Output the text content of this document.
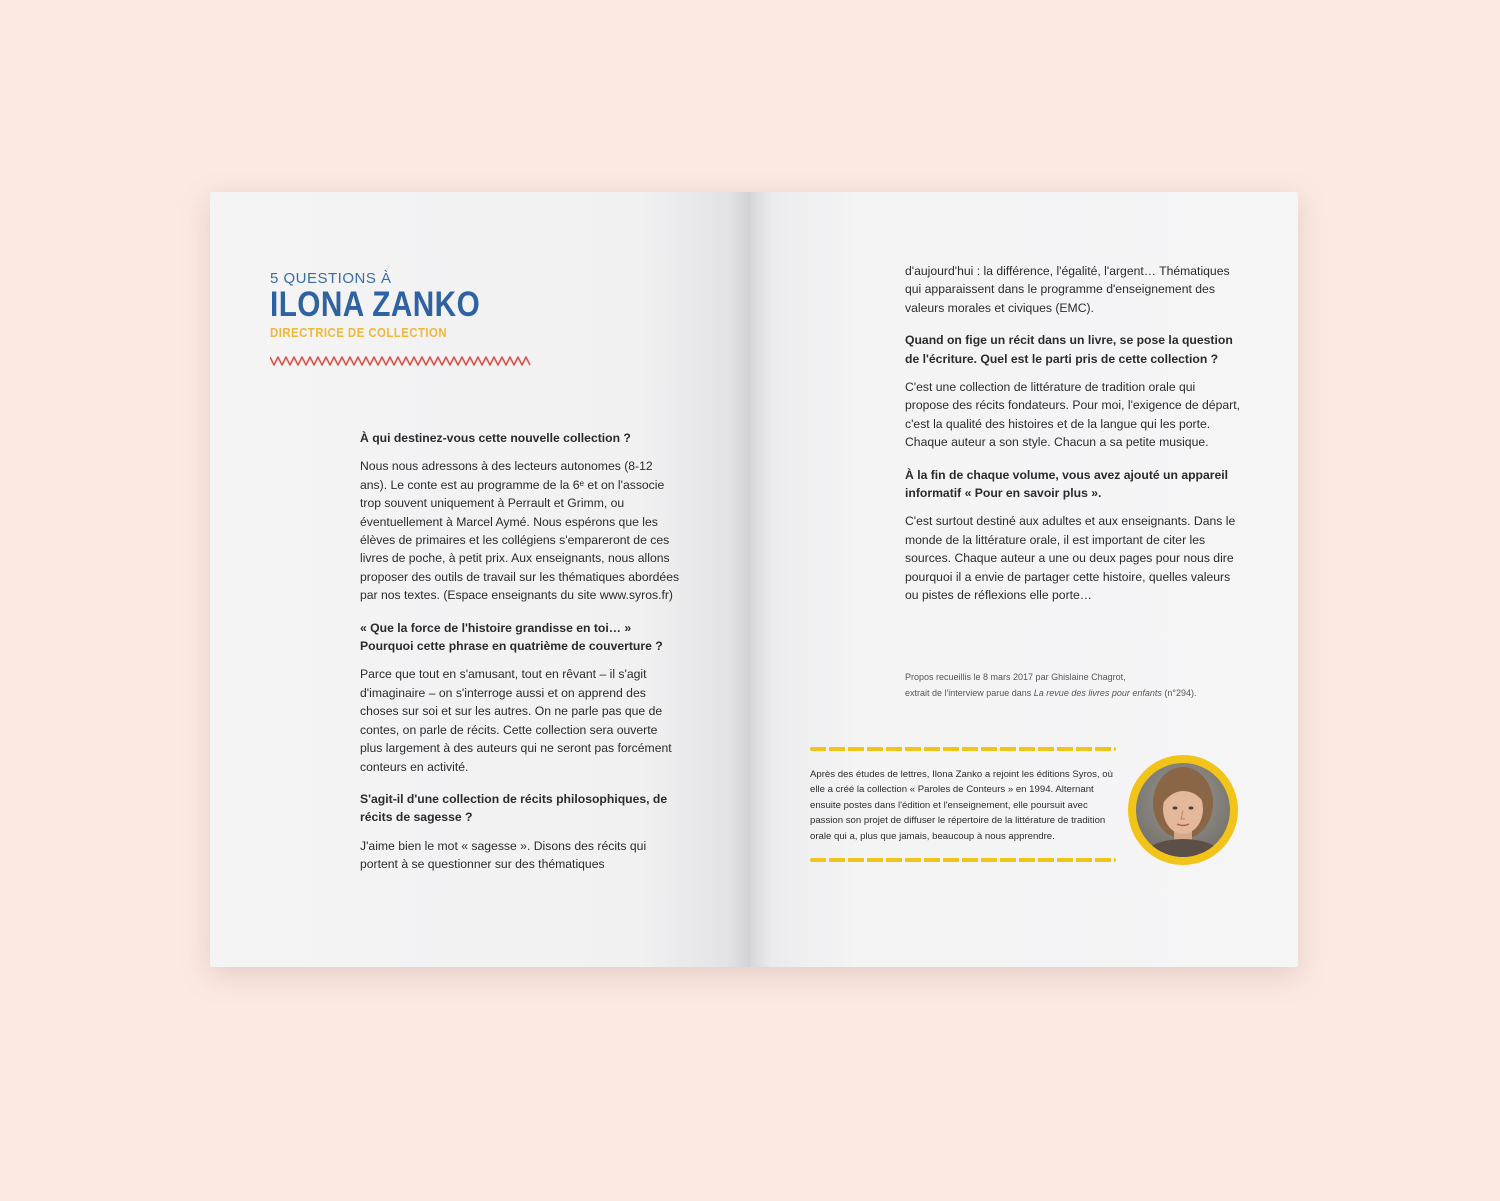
5 QUESTIONS À

ILONA ZANKO

DIRECTRICE DE COLLECTION

À qui destinez-vous cette nouvelle collection ?

Nous nous adressons à des lecteurs autonomes (8-12 ans). Le conte est au programme de la 6ᵉ et on l'associe trop souvent uniquement à Perrault et Grimm, ou éventuellement à Marcel Aymé. Nous espérons que les élèves de primaires et les collégiens s'empareront de ces livres de poche, à petit prix. Aux enseignants, nous allons proposer des outils de travail sur les thématiques abordées par nos textes. (Espace enseignants du site www.syros.fr)

« Que la force de l'histoire grandisse en toi… » Pourquoi cette phrase en quatrième de couverture ?

Parce que tout en s'amusant, tout en rêvant – il s'agit d'imaginaire – on s'interroge aussi et on apprend des choses sur soi et sur les autres. On ne parle pas que de contes, on parle de récits. Cette collection sera ouverte plus largement à des auteurs qui ne seront pas forcément conteurs en activité.

S'agit-il d'une collection de récits philosophiques, de récits de sagesse ?

J'aime bien le mot « sagesse ». Disons des récits qui portent à se questionner sur des thématiques

d'aujourd'hui : la différence, l'égalité, l'argent… Thématiques qui apparaissent dans le programme d'enseignement des valeurs morales et civiques (EMC).

Quand on fige un récit dans un livre, se pose la question de l'écriture. Quel est le parti pris de cette collection ?

C'est une collection de littérature de tradition orale qui propose des récits fondateurs. Pour moi, l'exigence de départ, c'est la qualité des histoires et de la langue qui les porte. Chaque auteur a son style. Chacun a sa petite musique.

À la fin de chaque volume, vous avez ajouté un appareil informatif « Pour en savoir plus ».

C'est surtout destiné aux adultes et aux enseignants. Dans le monde de la littérature orale, il est important de citer les sources. Chaque auteur a une ou deux pages pour nous dire pourquoi il a envie de partager cette histoire, quelles valeurs ou pistes de réflexions elle porte…

Propos recueillis le 8 mars 2017 par Ghislaine Chagrot,
extrait de l'interview parue dans La revue des livres pour enfants (n°294).

Après des études de lettres, Ilona Zanko a rejoint les éditions Syros, où elle a créé la collection « Paroles de Conteurs » en 1994. Alternant ensuite postes dans l'édition et l'enseignement, elle poursuit avec passion son projet de diffuser le répertoire de la littérature de tradition orale qui a, plus que jamais, beaucoup à nous apprendre.
